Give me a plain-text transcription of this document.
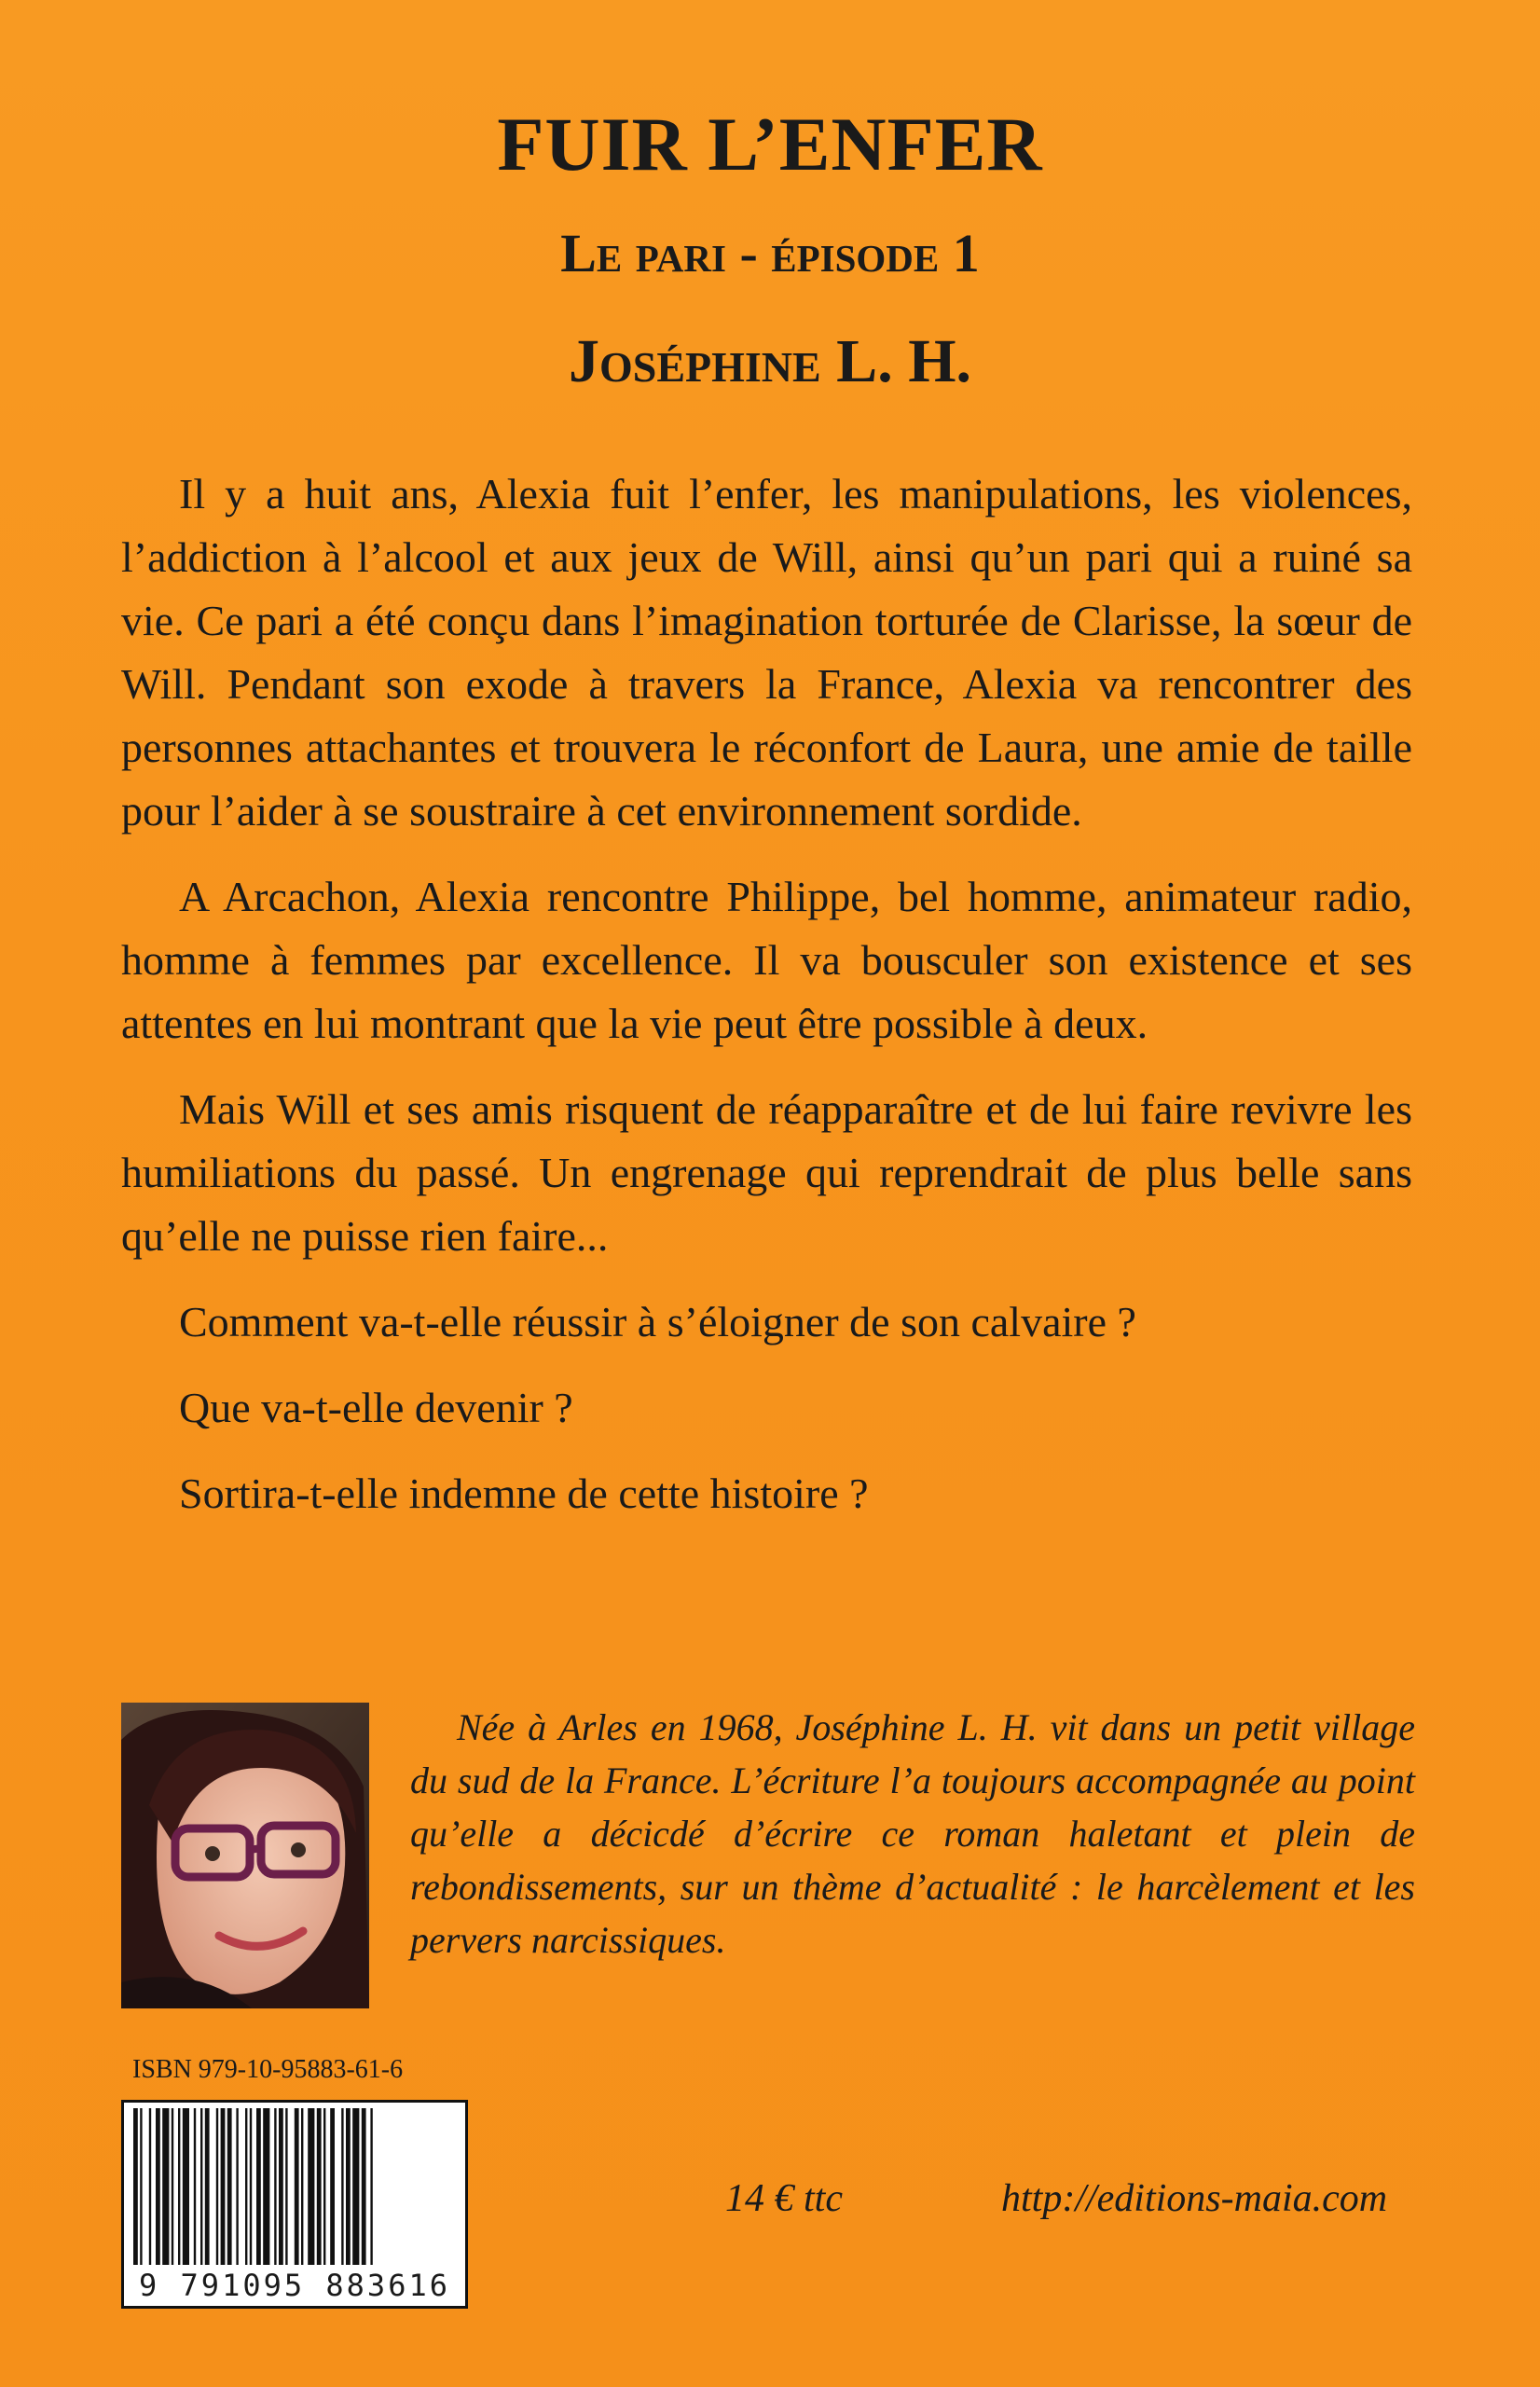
FUIR L’ENFER
Le pari - épisode 1
Joséphine L. H.

Il y a huit ans, Alexia fuit l’enfer, les manipulations, les violences, l’addiction à l’alcool et aux jeux de Will, ainsi qu’un pari qui a ruiné sa vie. Ce pari a été conçu dans l’imagination torturée de Clarisse, la sœur de Will. Pendant son exode à travers la France, Alexia va rencontrer des personnes attachantes et trouvera le réconfort de Laura, une amie de taille pour l’aider à se soustraire à cet environnement sordide.

A Arcachon, Alexia rencontre Philippe, bel homme, animateur radio, homme à femmes par excellence. Il va bousculer son existence et ses attentes en lui montrant que la vie peut être possible à deux.

Mais Will et ses amis risquent de réapparaître et de lui faire revivre les humiliations du passé. Un engrenage qui reprendrait de plus belle sans qu’elle ne puisse rien faire...

Comment va-t-elle réussir à s’éloigner de son calvaire ?

Que va-t-elle devenir ?

Sortira-t-elle indemne de cette histoire ?

Née à Arles en 1968, Joséphine L. H. vit dans un petit village du sud de la France. L’écriture l’a toujours accompagnée au point qu’elle a décicdé d’écrire ce roman haletant et plein de rebondissements, sur un thème d’actualité : le harcèlement et les pervers narcissiques.

ISBN 979-10-95883-61-6

9 791095 883616

14 € ttc	http://editions-maia.com
